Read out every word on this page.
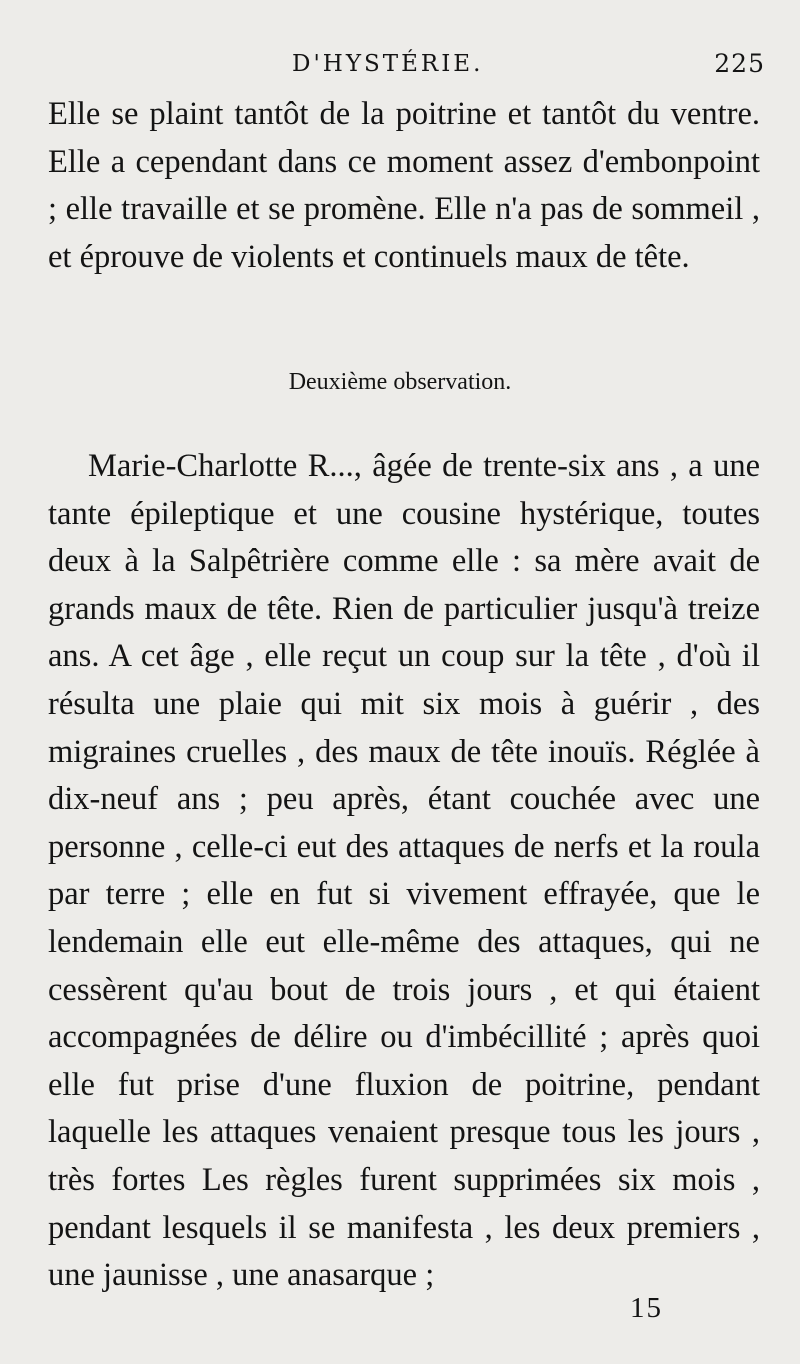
D'HYSTÉRIE.	225

Elle se plaint tantôt de la poitrine et tantôt du ventre. Elle a cependant dans ce moment assez d'embonpoint ; elle travaille et se promène. Elle n'a pas de sommeil , et éprouve de violents et continuels maux de tête.

Deuxième observation.

Marie-Charlotte R..., âgée de trente-six ans , a une tante épileptique et une cousine hystérique, toutes deux à la Salpêtrière comme elle : sa mère avait de grands maux de tête. Rien de particulier jusqu'à treize ans. A cet âge , elle reçut un coup sur la tête , d'où il résulta une plaie qui mit six mois à guérir , des migraines cruelles , des maux de tête inouïs. Réglée à dix-neuf ans ; peu après, étant couchée avec une personne , celle-ci eut des attaques de nerfs et la roula par terre ; elle en fut si vivement effrayée, que le lendemain elle eut elle-même des attaques, qui ne cessèrent qu'au bout de trois jours , et qui étaient accompagnées de délire ou d'imbécillité ; après quoi elle fut prise d'une fluxion de poitrine, pendant laquelle les attaques venaient presque tous les jours , très fortes Les règles furent supprimées six mois , pendant lesquels il se manifesta , les deux premiers , une jaunisse , une anasarque ;

15
